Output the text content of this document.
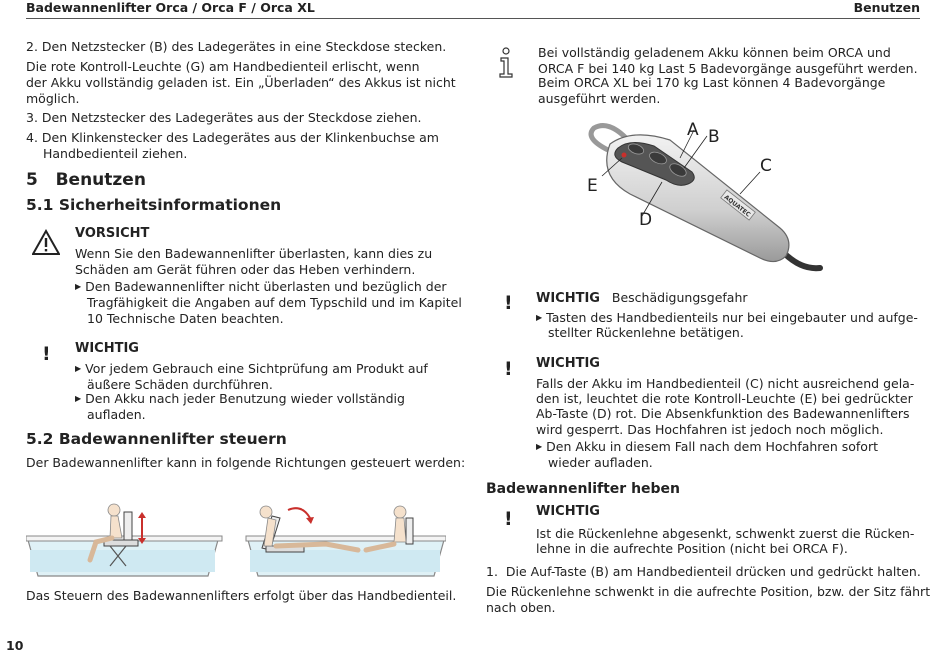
Badewannenlifter Orca / Orca F / Orca XL	Benutzen
2. Den Netzstecker (B) des Ladegerätes in eine Steckdose stecken.
Die rote Kontroll-Leuchte (G) am Handbedienteil erlischt, wenn
der Akku vollständig geladen ist. Ein „Überladen“ des Akkus ist nicht
möglich.
3. Den Netzstecker des Ladegerätes aus der Steckdose ziehen.
4. Den Klinkenstecker des Ladegerätes aus der Klinkenbuchse am
Handbedienteil ziehen.
5   Benutzen
5.1 Sicherheitsinformationen
VORSICHT
Wenn Sie den Badewannenlifter überlasten, kann dies zu
Schäden am Gerät führen oder das Heben verhindern.
▶ Den Badewannenlifter nicht überlasten und bezüglich der
Tragfähigkeit die Angaben auf dem Typschild und im Kapitel
10 Technische Daten beachten.
! WICHTIG
▶ Vor jedem Gebrauch eine Sichtprüfung am Produkt auf
äußere Schäden durchführen.
▶ Den Akku nach jeder Benutzung wieder vollständig
aufladen.
5.2 Badewannenlifter steuern
Der Badewannenlifter kann in folgende Richtungen gesteuert werden:
Das Steuern des Badewannenlifters erfolgt über das Handbedienteil.
10
Bei vollständig geladenem Akku können beim ORCA und
ORCA F bei 140 kg Last 5 Badevorgänge ausgeführt werden.
Beim ORCA XL bei 170 kg Last können 4 Badevorgänge
ausgeführt werden.
AQUATEC
A B
C
D
E
! WICHTIG Beschädigungsgefahr
▶ Tasten des Handbedienteils nur bei eingebauter und aufge-
stellter Rückenlehne betätigen.
! WICHTIG
Falls der Akku im Handbedienteil (C) nicht ausreichend gela-
den ist, leuchtet die rote Kontroll-Leuchte (E) bei gedrückter
Ab-Taste (D) rot. Die Absenkfunktion des Badewannenlifters
wird gesperrt. Das Hochfahren ist jedoch noch möglich.
▶ Den Akku in diesem Fall nach dem Hochfahren sofort
wieder aufladen.
Badewannenlifter heben
! WICHTIG
Ist die Rückenlehne abgesenkt, schwenkt zuerst die Rücken-
lehne in die aufrechte Position (nicht bei ORCA F).
1.  Die Auf-Taste (B) am Handbedienteil drücken und gedrückt halten.
Die Rückenlehne schwenkt in die aufrechte Position, bzw. der Sitz fährt
nach oben.
